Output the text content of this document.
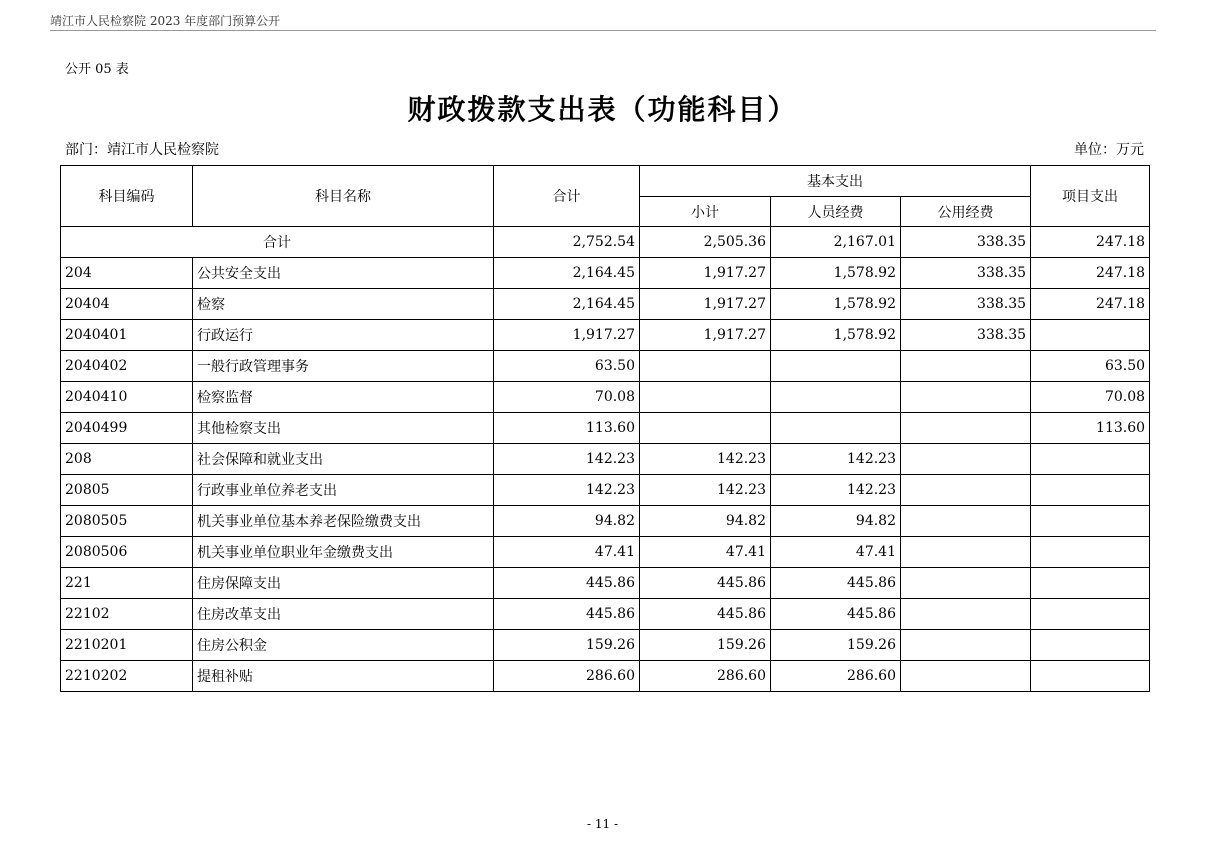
靖江市人民检察院 2023 年度部门预算公开
公开 05 表
财政拨款支出表（功能科目）
部门：靖江市人民检察院	单位：万元
科目编码	科目名称	合计	基本支出			项目支出
			小计	人员经费	公用经费	
合计		2,752.54	2,505.36	2,167.01	338.35	247.18
204	公共安全支出	2,164.45	1,917.27	1,578.92	338.35	247.18
20404	检察	2,164.45	1,917.27	1,578.92	338.35	247.18
2040401	行政运行	1,917.27	1,917.27	1,578.92	338.35	
2040402	一般行政管理事务	63.50				63.50
2040410	检察监督	70.08				70.08
2040499	其他检察支出	113.60				113.60
208	社会保障和就业支出	142.23	142.23	142.23		
20805	行政事业单位养老支出	142.23	142.23	142.23		
2080505	机关事业单位基本养老保险缴费支出	94.82	94.82	94.82		
2080506	机关事业单位职业年金缴费支出	47.41	47.41	47.41		
221	住房保障支出	445.86	445.86	445.86		
22102	住房改革支出	445.86	445.86	445.86		
2210201	住房公积金	159.26	159.26	159.26		
2210202	提租补贴	286.60	286.60	286.60		
- 11 -
